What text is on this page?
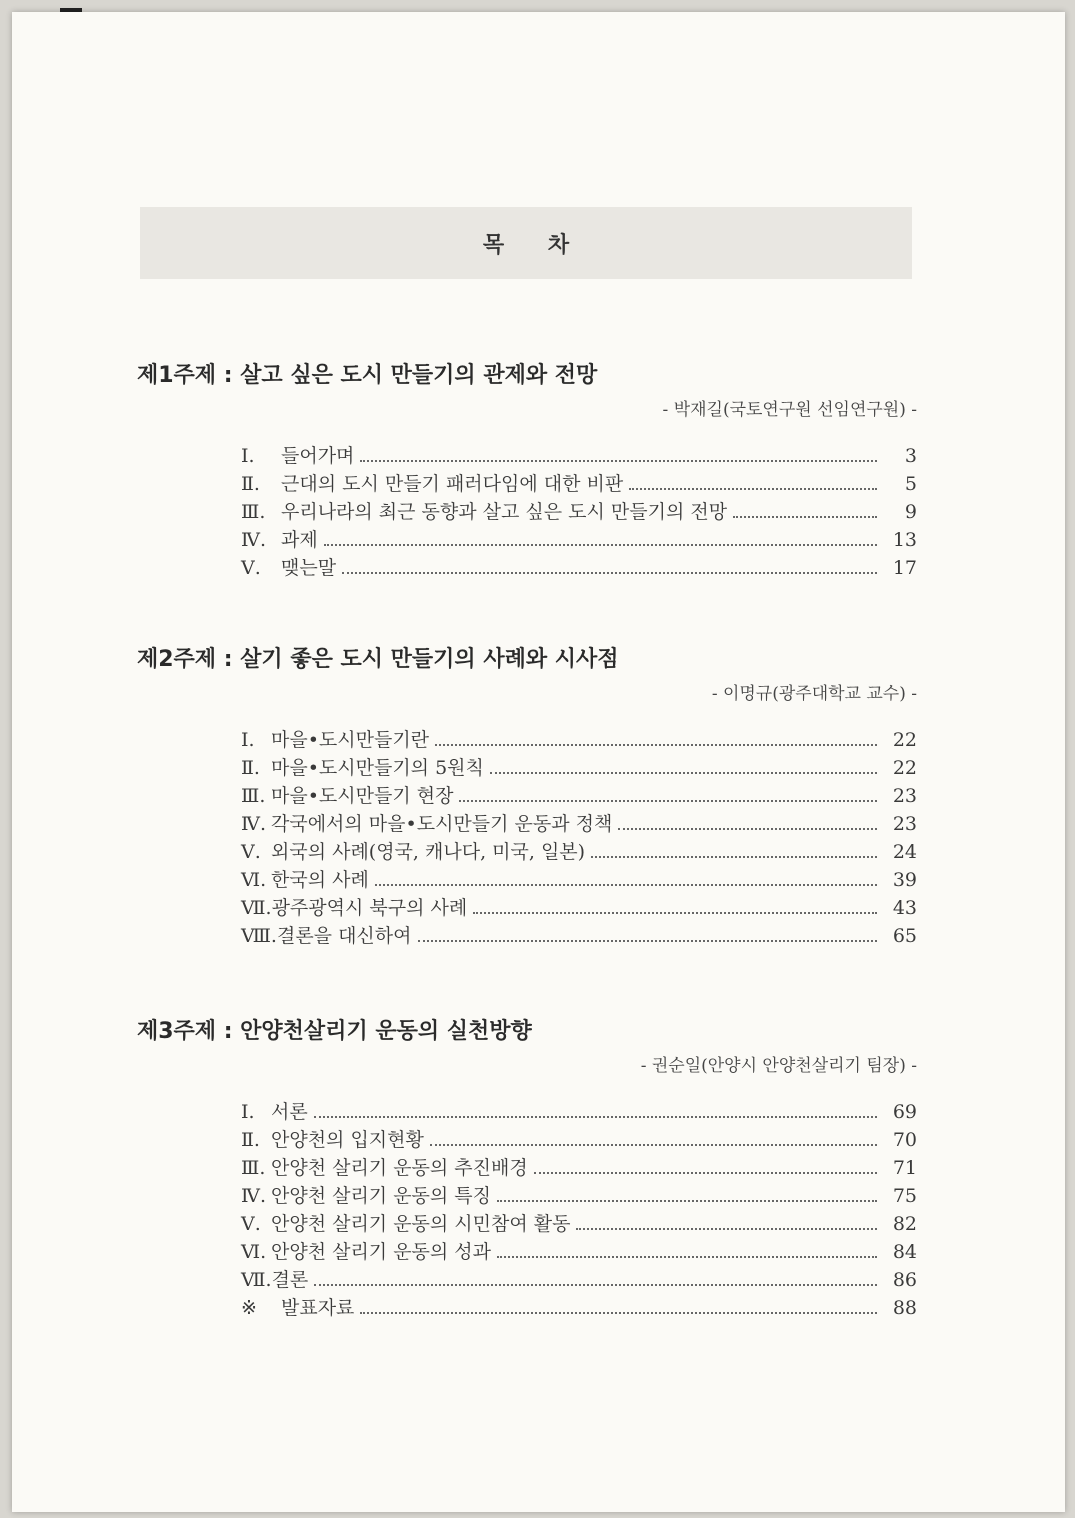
목 차
제1주제 : 살고 싶은 도시 만들기의 관제와 전망
- 박재길(국토연구원 선임연구원) -
Ⅰ.	들어가며	3
Ⅱ.	근대의 도시 만들기 패러다임에 대한 비판	5
Ⅲ. 우리나라의 최근 동향과 살고 싶은 도시 만들기의 전망	9
Ⅳ. 과제	13
Ⅴ.	맺는말	17
제2주제 : 살기 좋은 도시 만들기의 사례와 시사점
- 이명규(광주대학교 교수) -
Ⅰ. 마을•도시만들기란	22
Ⅱ. 마을•도시만들기의 5원칙	22
Ⅲ. 마을•도시만들기 현장	23
Ⅳ. 각국에서의 마을•도시만들기 운동과 정책	23
Ⅴ. 외국의 사례(영국, 캐나다, 미국, 일본)	24
Ⅵ. 한국의 사례	39
Ⅶ. 광주광역시 북구의 사례	43
Ⅷ. 결론을 대신하여	65
제3주제 : 안양천살리기 운동의 실천방향
- 권순일(안양시 안양천살리기 팀장) -
Ⅰ. 서론	69
Ⅱ. 안양천의 입지현황	70
Ⅲ. 안양천 살리기 운동의 추진배경	71
Ⅳ. 안양천 살리기 운동의 특징	75
Ⅴ. 안양천 살리기 운동의 시민참여 활동	82
Ⅵ. 안양천 살리기 운동의 성과	84
Ⅶ. 결론	86
※	발표자료	88
